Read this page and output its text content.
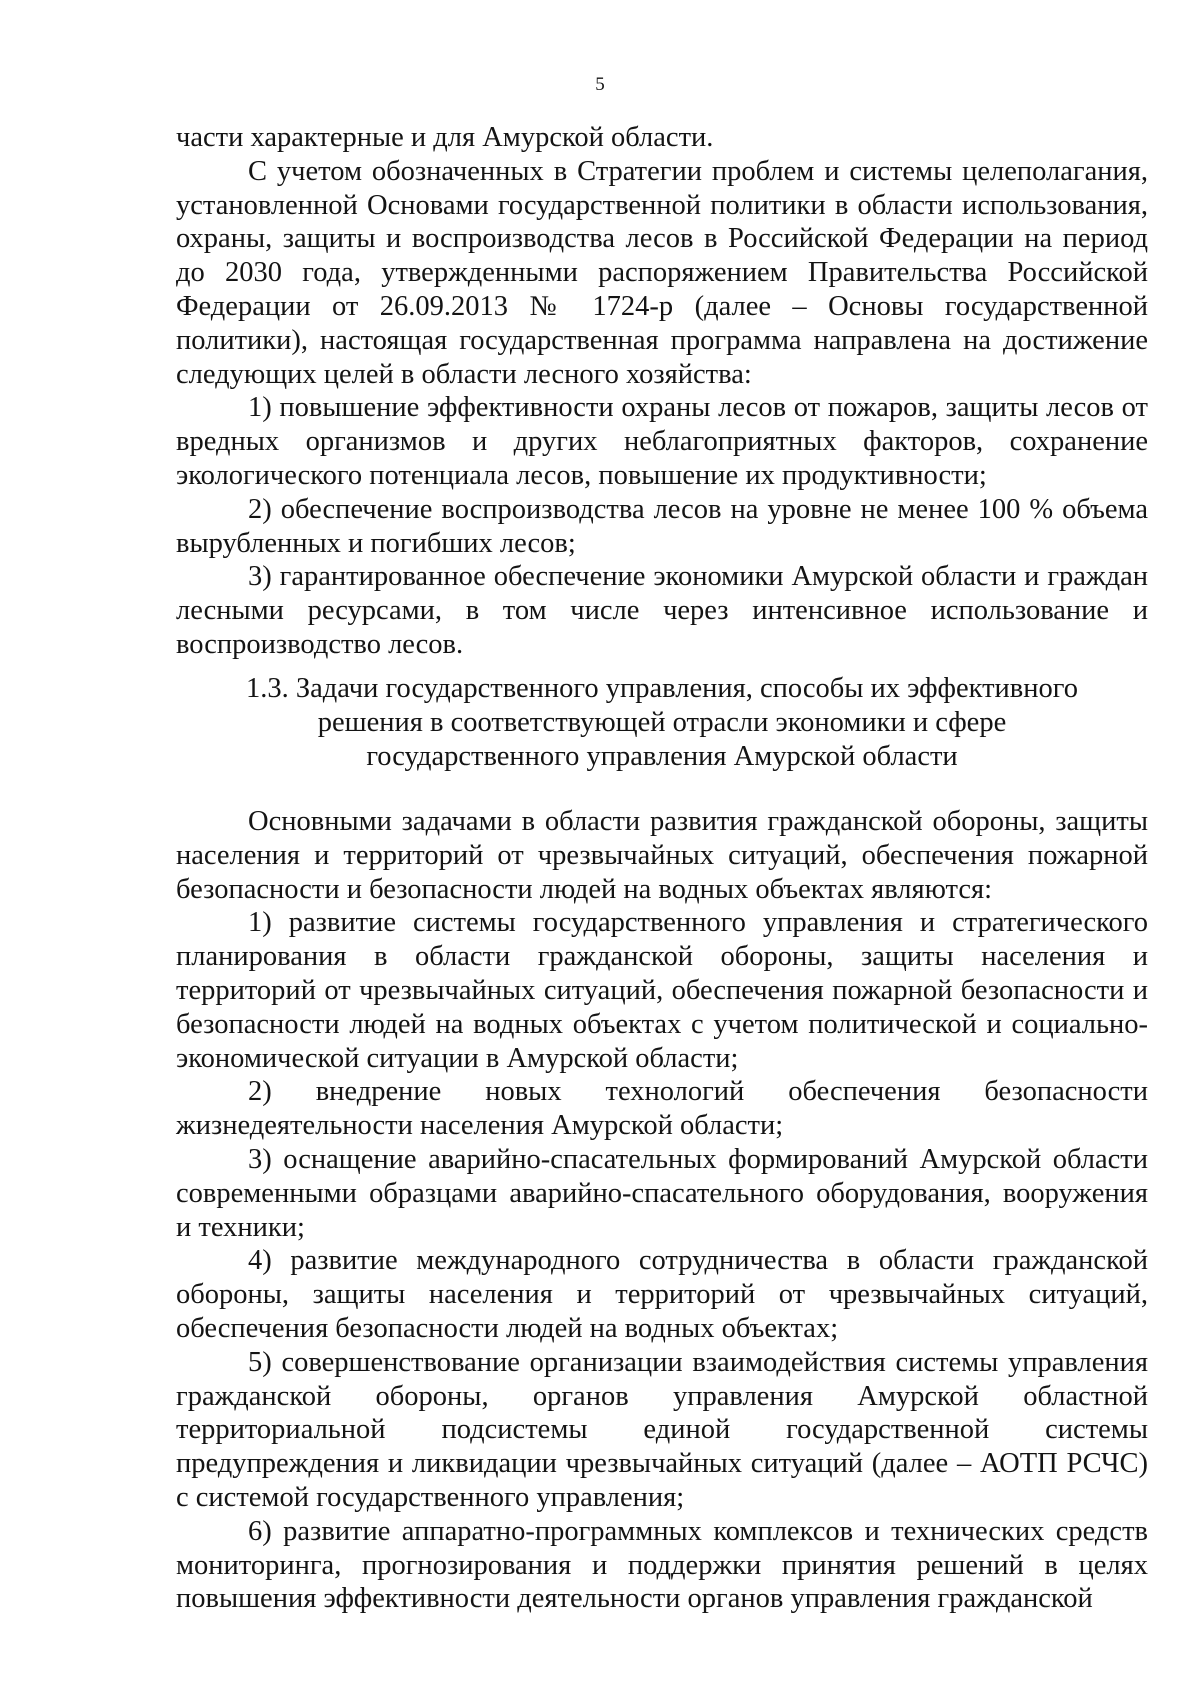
5

части характерные и для Амурской области.

С учетом обозначенных в Стратегии проблем и системы целеполагания, установленной Основами государственной политики в области использования, охраны, защиты и воспроизводства лесов в Российской Федерации на период до 2030 года, утвержденными распоряжением Правительства Российской Федерации от 26.09.2013 № 1724-р (далее – Основы государственной политики), настоящая государственная программа направлена на достижение следующих целей в области лесного хозяйства:

1) повышение эффективности охраны лесов от пожаров, защиты лесов от вредных организмов и других неблагоприятных факторов, сохранение экологического потенциала лесов, повышение их продуктивности;

2) обеспечение воспроизводства лесов на уровне не менее 100 % объема вырубленных и погибших лесов;

3) гарантированное обеспечение экономики Амурской области и граждан лесными ресурсами, в том числе через интенсивное использование и воспроизводство лесов.

1.3. Задачи государственного управления, способы их эффективного
решения в соответствующей отрасли экономики и сфере
государственного управления Амурской области

Основными задачами в области развития гражданской обороны, защиты населения и территорий от чрезвычайных ситуаций, обеспечения пожарной безопасности и безопасности людей на водных объектах являются:

1) развитие системы государственного управления и стратегического планирования в области гражданской обороны, защиты населения и территорий от чрезвычайных ситуаций, обеспечения пожарной безопасности и безопасности людей на водных объектах с учетом политической и социально-экономической ситуации в Амурской области;

2) внедрение новых технологий обеспечения безопасности жизнедеятельности населения Амурской области;

3) оснащение аварийно-спасательных формирований Амурской области современными образцами аварийно-спасательного оборудования, вооружения и техники;

4) развитие международного сотрудничества в области гражданской обороны, защиты населения и территорий от чрезвычайных ситуаций, обеспечения безопасности людей на водных объектах;

5) совершенствование организации взаимодействия системы управления гражданской обороны, органов управления Амурской областной территориальной подсистемы единой государственной системы предупреждения и ликвидации чрезвычайных ситуаций (далее – АОТП РСЧС) с системой государственного управления;

6) развитие аппаратно-программных комплексов и технических средств мониторинга, прогнозирования и поддержки принятия решений в целях повышения эффективности деятельности органов управления гражданской
